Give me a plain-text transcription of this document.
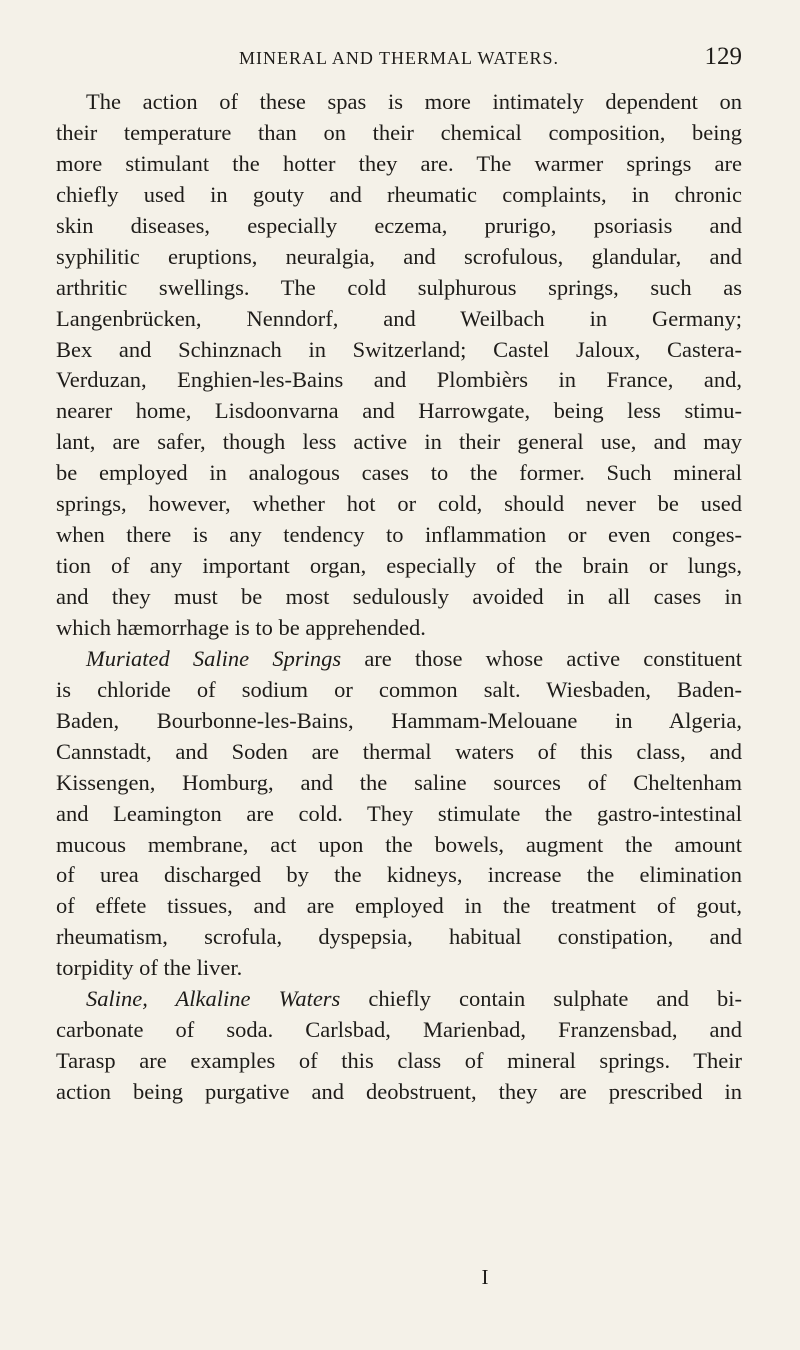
MINERAL AND THERMAL WATERS.	129
The action of these spas is more intimately dependent on
their temperature than on their chemical composition, being
more stimulant the hotter they are. The warmer springs are
chiefly used in gouty and rheumatic complaints, in chronic
skin diseases, especially eczema, prurigo, psoriasis and
syphilitic eruptions, neuralgia, and scrofulous, glandular, and
arthritic swellings. The cold sulphurous springs, such as
Langenbrücken, Nenndorf, and Weilbach in Germany;
Bex and Schinznach in Switzerland; Castel Jaloux, Castera-
Verduzan, Enghien-les-Bains and Plombièrs in France, and,
nearer home, Lisdoonvarna and Harrowgate, being less stimu-
lant, are safer, though less active in their general use, and may
be employed in analogous cases to the former. Such mineral
springs, however, whether hot or cold, should never be used
when there is any tendency to inflammation or even conges-
tion of any important organ, especially of the brain or lungs,
and they must be most sedulously avoided in all cases in
which hæmorrhage is to be apprehended.
Muriated Saline Springs are those whose active constituent
is chloride of sodium or common salt. Wiesbaden, Baden-
Baden, Bourbonne-les-Bains, Hammam-Melouane in Algeria,
Cannstadt, and Soden are thermal waters of this class, and
Kissengen, Homburg, and the saline sources of Cheltenham
and Leamington are cold. They stimulate the gastro-intestinal
mucous membrane, act upon the bowels, augment the amount
of urea discharged by the kidneys, increase the elimination
of effete tissues, and are employed in the treatment of gout,
rheumatism, scrofula, dyspepsia, habitual constipation, and
torpidity of the liver.
Saline, Alkaline Waters chiefly contain sulphate and bi-
carbonate of soda. Carlsbad, Marienbad, Franzensbad, and
Tarasp are examples of this class of mineral springs. Their
action being purgative and deobstruent, they are prescribed in
I
